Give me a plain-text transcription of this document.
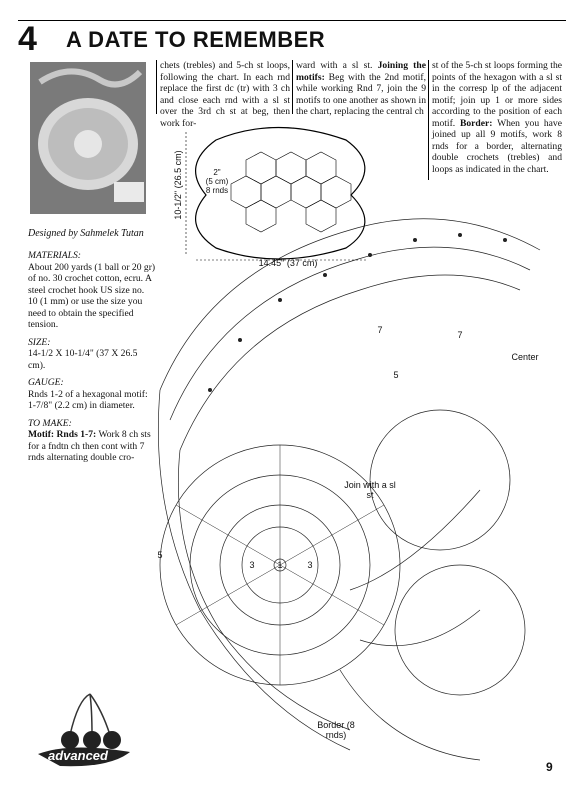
4 A DATE TO REMEMBER
Designed by Sahmelek Tutan
MATERIALS:

About 200 yards (1 ball or 20 gr) of no. 30 crochet cotton, ecru. A steel crochet hook US size no. 10 (1 mm) or use the size you need to obtain the specified tension.

SIZE:

14-1/2 X 10-1/4" (37 X 26.5 cm).

GAUGE:

Rnds 1-2 of a hexagonal motif: 1-7/8" (2.2 cm) in diameter.

TO MAKE:

Motif: Rnds 1-7: Work 8 ch sts for a fndtn ch then cont with 7 rnds alternating double cro-

chets (trebles) and 5-ch st loops, following the chart. In each rnd replace the first dc (tr) with 3 ch and close each rnd with a sl st over the 3rd ch st at beg, then work for-
ward with a sl st. Joining the motifs: Beg with the 2nd motif, while working Rnd 7, join the 9 motifs to one another as shown in the chart, replacing the central ch
st of the 5-ch st loops forming the points of the hexagon with a sl st in the corresp lp of the adjacent motif; join up 1 or more sides according to the position of each motif. Border: When you have joined up all 9 motifs, work 8 rnds for a border, alternating double crochets (trebles) and loops as indicated in the chart.
14.45" (37 cm)
10-1/2" (26.5 cm)	2"
(5 cm)
8 rnds
7
5
3	1	3
5
7
Center
Join with a sl st
Border (8 rnds)
advanced
9
